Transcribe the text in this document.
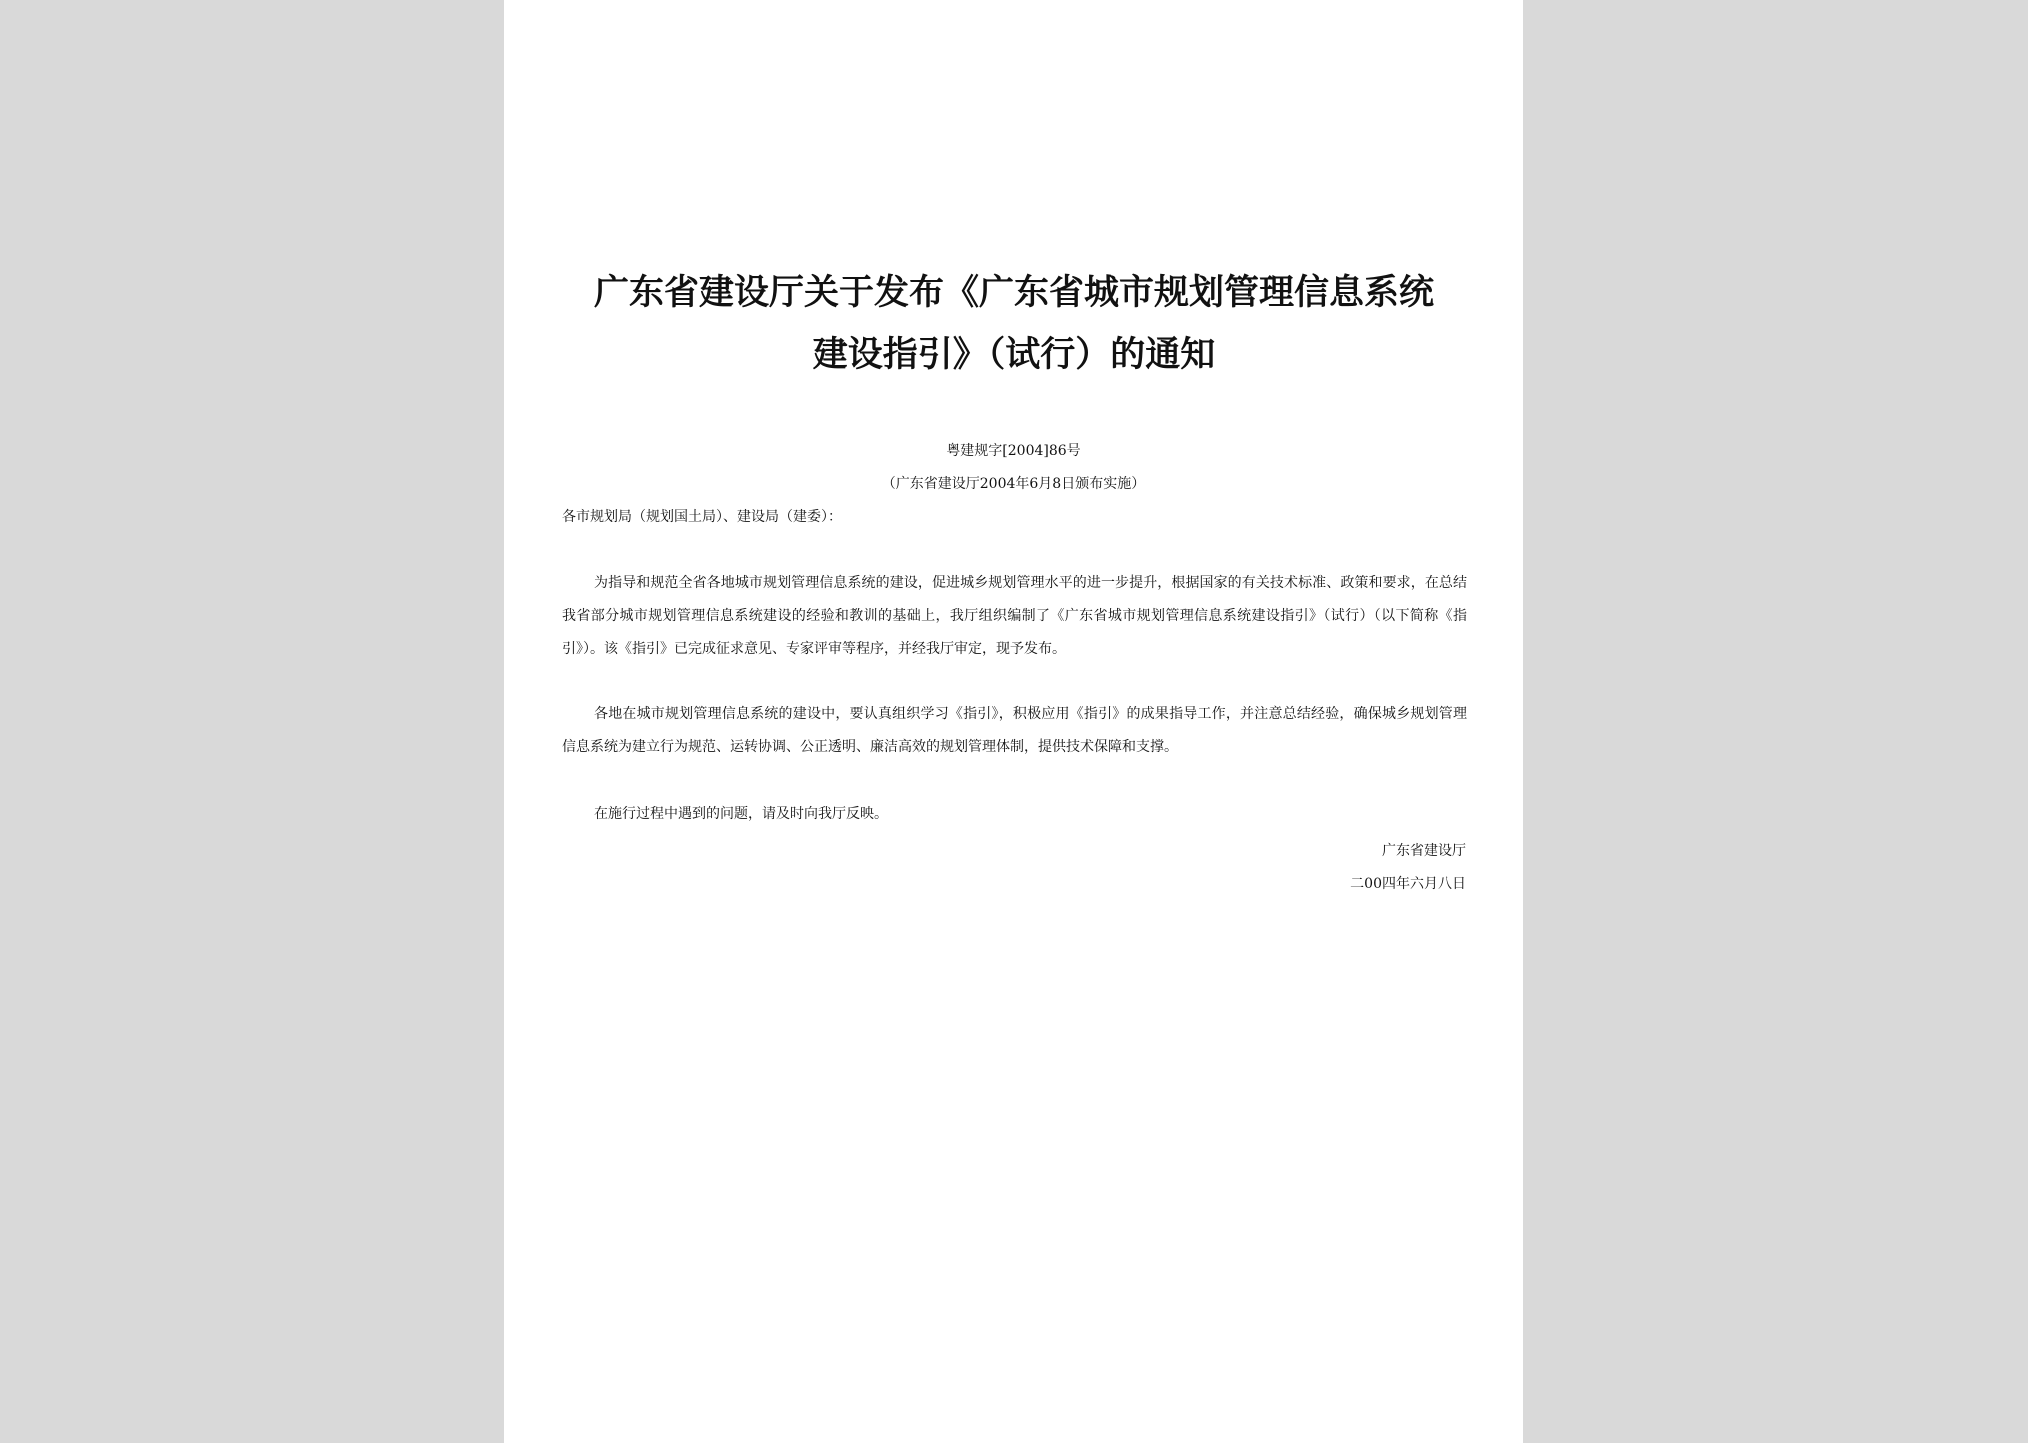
广东省建设厅关于发布《广东省城市规划管理信息系统
建设指引》（试行）的通知
粤建规字[2004]86号
（广东省建设厅2004年6月8日颁布实施）
各市规划局（规划国土局）、建设局（建委）：
为指导和规范全省各地城市规划管理信息系统的建设，促进城乡规划管理水平的进一步提升，根据国家的有关技术标准、政策和要求，在总结我省部分城市规划管理信息系统建设的经验和教训的基础上，我厅组织编制了《广东省城市规划管理信息系统建设指引》（试行）（以下简称《指引》）。该《指引》已完成征求意见、专家评审等程序，并经我厅审定，现予发布。
各地在城市规划管理信息系统的建设中，要认真组织学习《指引》，积极应用《指引》的成果指导工作，并注意总结经验，确保城乡规划管理信息系统为建立行为规范、运转协调、公正透明、廉洁高效的规划管理体制，提供技术保障和支撑。
在施行过程中遇到的问题，请及时向我厅反映。
广东省建设厅
二00四年六月八日
